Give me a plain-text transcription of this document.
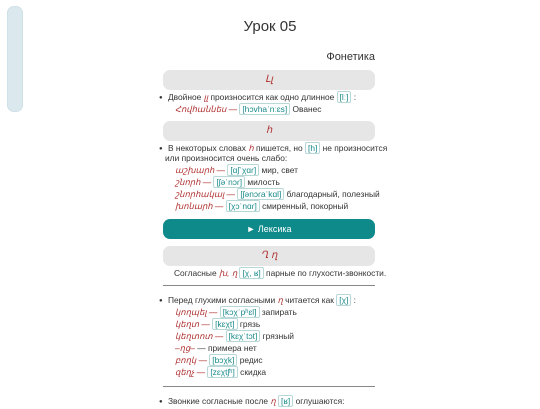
Урок 05
Фонетика
Լլ
● Двойное լլ произносится как одно длинное [lː] :
Հովհաննես — [hɔvhaˈnːɛs] Ованес
հ
● В некоторых словах հ пишется, но [h] не произносится
или произносится очень слабо:
աշխարհ — [ɑʃˈχɑɾ] мир, свет
շնորհ — [ʃəˈnɔɾ] милость
շնորհակալ — [ʃənɔɾaˈkɑl] благодарный, полезный
խոնարհ — [χɔˈnɑɾ] смиренный, покорный
► Лексика
Ղ ղ
Согласные խ, ղ [χ, ʁ] парные по глухости-звонкости.
● Перед глухими согласными ղ читается как [χ] :
կողպել — [kɔχˈpʰɛl] запирать
կեղտ — [kɛχt] грязь
կեղտոտ — [kɛχˈtɔt] грязный
–ղց– — примера нет
բողկ — [bɔχk] редис
զեղչ — [zɛχtʃʰ] скидка
● Звонкие согласные после ղ [ʁ] оглушаются:
